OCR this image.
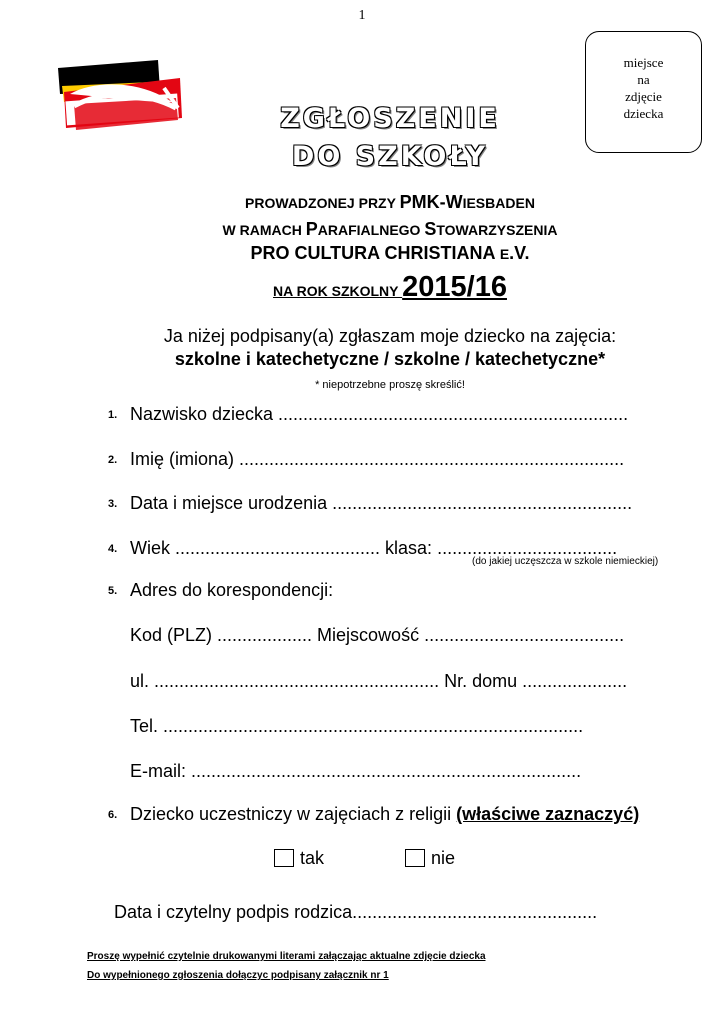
1
miejsce
na
zdjęcie
dziecka
ZGŁOSZENIE
DO SZKOŁY
PROWADZONEJ PRZY PMK-WIESBADEN
W RAMACH PARAFIALNEGO STOWARZYSZENIA
PRO CULTURA CHRISTIANA E.V.
NA ROK SZKOLNY 2015/16
Ja niżej podpisany(a) zgłaszam moje dziecko na zajęcia:
szkolne i katechetyczne / szkolne / katechetyczne*
* niepotrzebne proszę skreślić!
1. Nazwisko dziecka ......................................................................
2. Imię (imiona) .............................................................................
3. Data i miejsce urodzenia ............................................................
4. Wiek ......................................... klasa: ....................................
(do jakiej uczęszcza w szkole niemieckiej)
5. Adres do korespondencji:
Kod (PLZ) ................... Miejscowość ........................................
ul. ......................................................... Nr. domu .....................
Tel. ....................................................................................
E-mail: ..............................................................................
6. Dziecko uczestniczy w zajęciach z religii (właściwe zaznaczyć)
tak	nie
Data i czytelny podpis rodzica.................................................
Proszę wypełnić czytelnie drukowanymi literami załączając aktualne zdjęcie dziecka
Do wypełnionego zgłoszenia dołączyc podpisany załącznik nr 1
